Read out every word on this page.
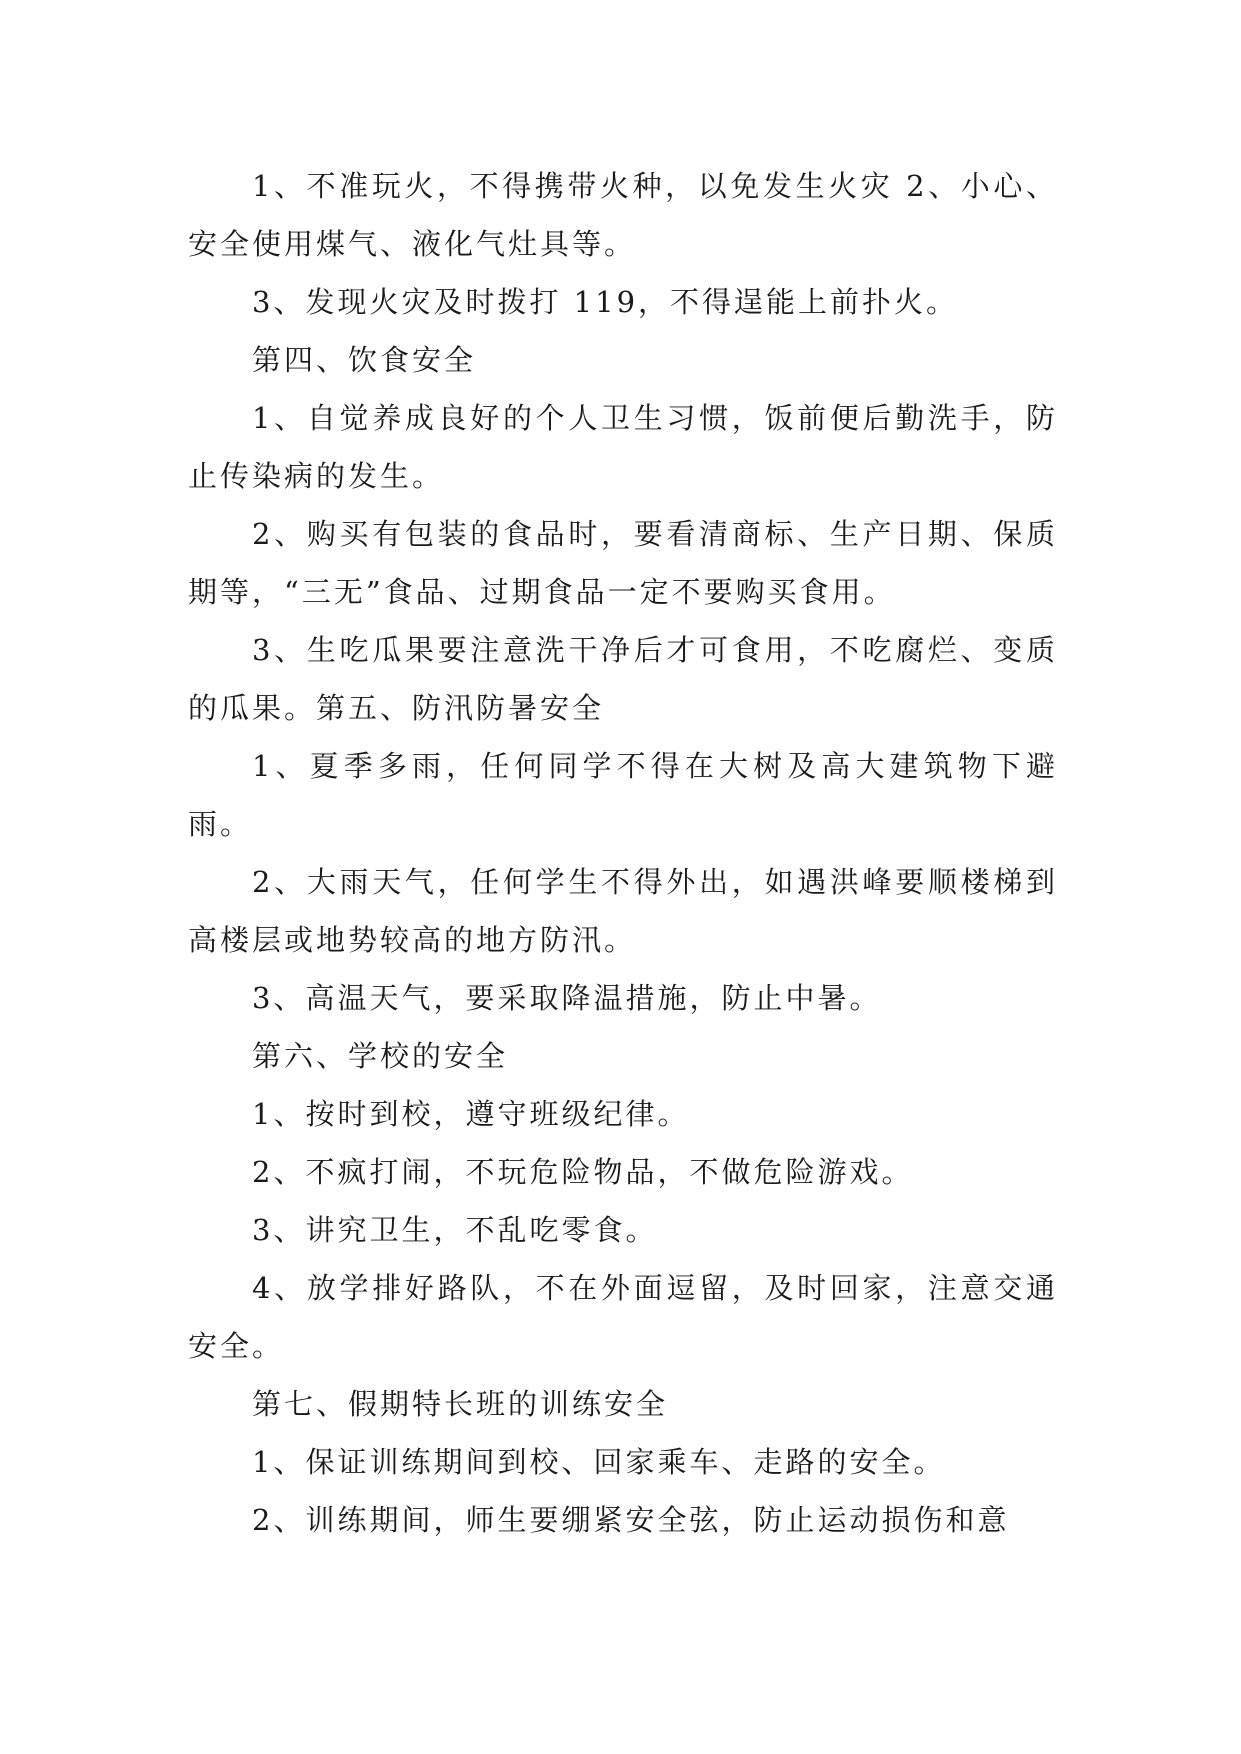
1、不准玩火，不得携带火种，以免发生火灾 2、小心、安全使用煤气、液化气灶具等。

3、发现火灾及时拨打 119，不得逞能上前扑火。

第四、饮食安全

1、自觉养成良好的个人卫生习惯，饭前便后勤洗手，防止传染病的发生。

2、购买有包装的食品时，要看清商标、生产日期、保质期等，“三无”食品、过期食品一定不要购买食用。

3、生吃瓜果要注意洗干净后才可食用，不吃腐烂、变质的瓜果。第五、防汛防暑安全

1、夏季多雨，任何同学不得在大树及高大建筑物下避雨。

2、大雨天气，任何学生不得外出，如遇洪峰要顺楼梯到高楼层或地势较高的地方防汛。

3、高温天气，要采取降温措施，防止中暑。

第六、学校的安全

1、按时到校，遵守班级纪律。

2、不疯打闹，不玩危险物品，不做危险游戏。

3、讲究卫生，不乱吃零食。

4、放学排好路队，不在外面逗留，及时回家，注意交通安全。

第七、假期特长班的训练安全

1、保证训练期间到校、回家乘车、走路的安全。

2、训练期间，师生要绷紧安全弦，防止运动损伤和意
